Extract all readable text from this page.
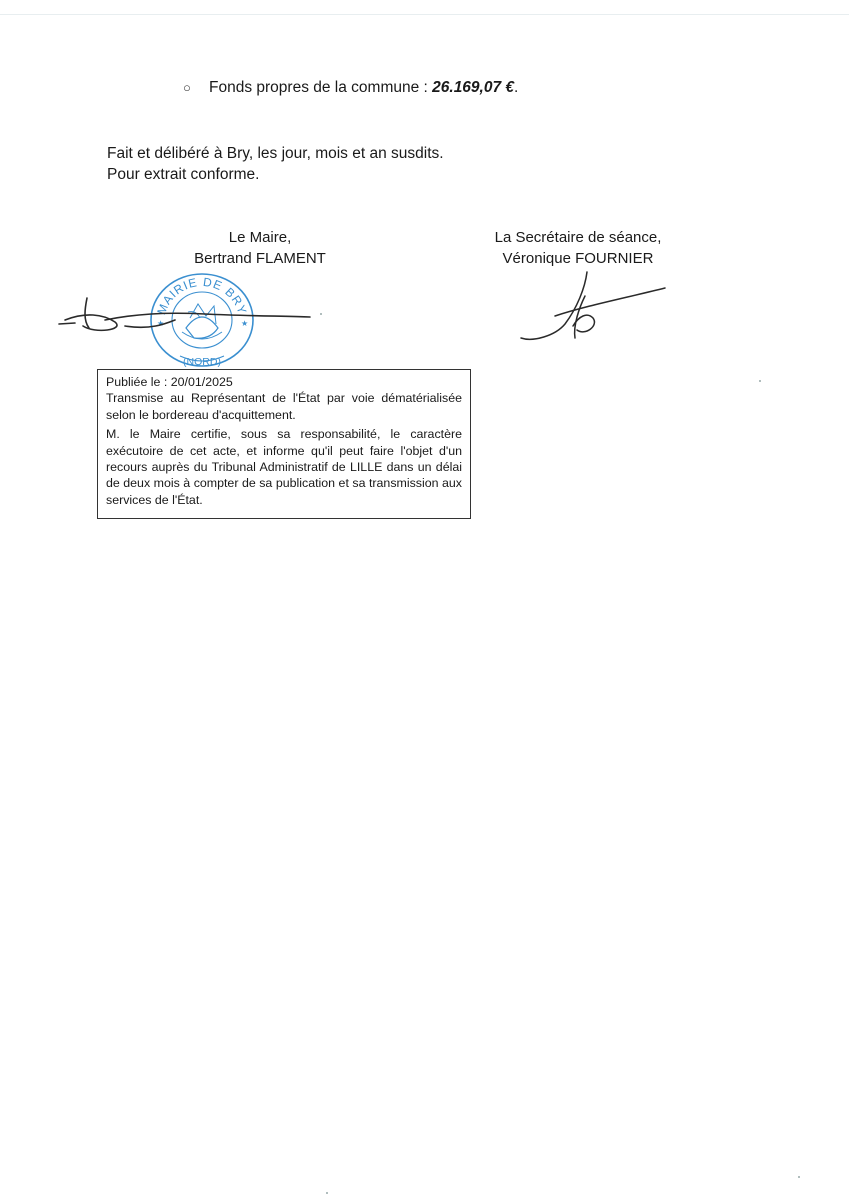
○ Fonds propres de la commune : 26.169,07 €.
Fait et délibéré à Bry, les jour, mois et an susdits.
Pour extrait conforme.
Le Maire,
Bertrand FLAMENT
La Secrétaire de séance,
Véronique FOURNIER
MAIRIE DE BRY
(NORD)
★	★

Publiée le : 20/01/2025

Transmise au Représentant de l'État par voie dématérialisée selon le bordereau d'acquittement.

M. le Maire certifie, sous sa responsabilité, le caractère exécutoire de cet acte, et informe qu'il peut faire l'objet d'un recours auprès du Tribunal Administratif de LILLE dans un délai de deux mois à compter de sa publication et sa transmission aux services de l'État.
